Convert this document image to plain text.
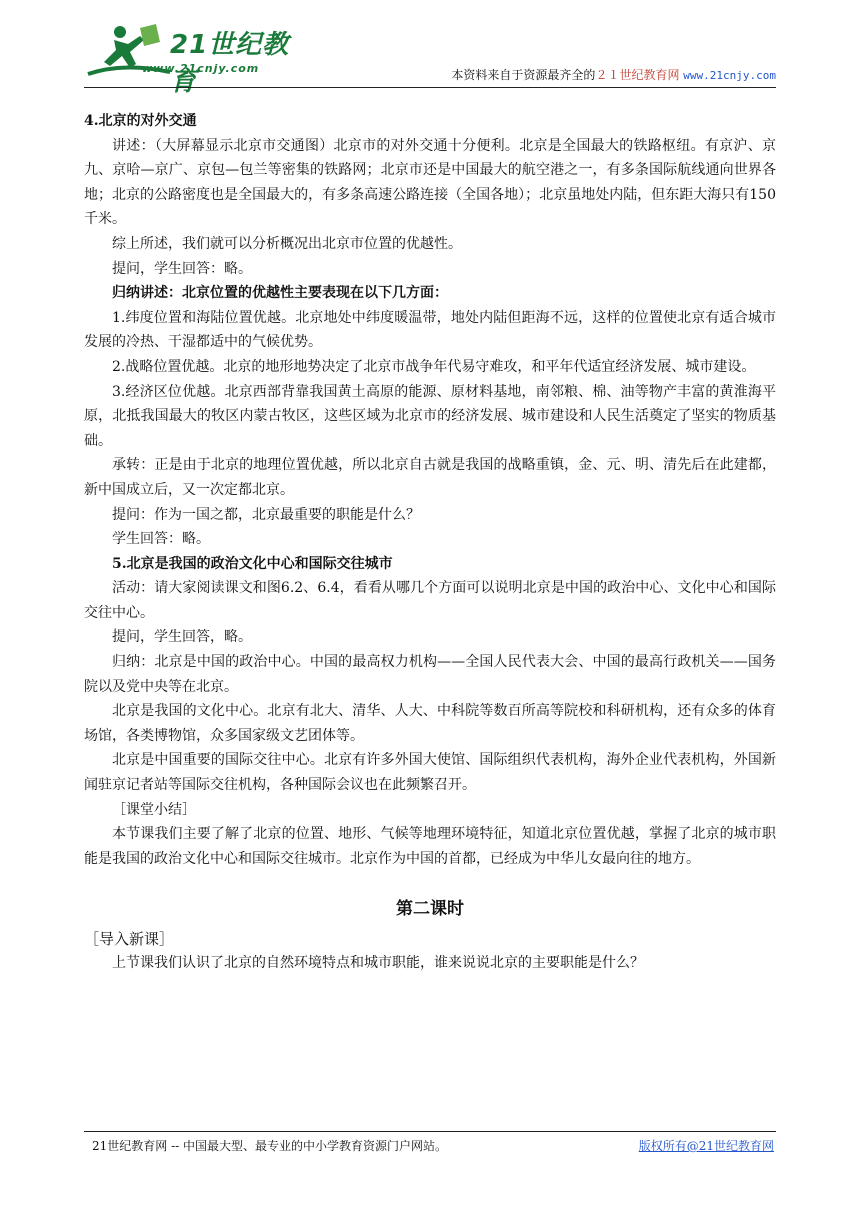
21世纪教育
www.21cnjy.com	本资料来自于资源最齐全的２１世纪教育网 www.21cnjy.com

4.北京的对外交通

讲述：（大屏幕显示北京市交通图）北京市的对外交通十分便利。北京是全国最大的铁路枢纽。有京沪、京九、京哈—京广、京包—包兰等密集的铁路网；北京市还是中国最大的航空港之一，有多条国际航线通向世界各地；北京的公路密度也是全国最大的，有多条高速公路连接（全国各地）；北京虽地处内陆，但东距大海只有150千米。

综上所述，我们就可以分析概况出北京市位置的优越性。

提问，学生回答：略。

归纳讲述：北京位置的优越性主要表现在以下几方面：

1.纬度位置和海陆位置优越。北京地处中纬度暖温带，地处内陆但距海不远，这样的位置使北京有适合城市发展的冷热、干湿都适中的气候优势。

2.战略位置优越。北京的地形地势决定了北京市战争年代易守难攻，和平年代适宜经济发展、城市建设。

3.经济区位优越。北京西部背靠我国黄土高原的能源、原材料基地，南邻粮、棉、油等物产丰富的黄淮海平原，北抵我国最大的牧区内蒙古牧区，这些区域为北京市的经济发展、城市建设和人民生活奠定了坚实的物质基础。

承转：正是由于北京的地理位置优越，所以北京自古就是我国的战略重镇，金、元、明、清先后在此建都，新中国成立后，又一次定都北京。

提问：作为一国之都，北京最重要的职能是什么？

学生回答：略。

5.北京是我国的政治文化中心和国际交往城市

活动：请大家阅读课文和图6.2、6.4，看看从哪几个方面可以说明北京是中国的政治中心、文化中心和国际交往中心。

提问，学生回答，略。

归纳：北京是中国的政治中心。中国的最高权力机构——全国人民代表大会、中国的最高行政机关——国务院以及党中央等在北京。

北京是我国的文化中心。北京有北大、清华、人大、中科院等数百所高等院校和科研机构，还有众多的体育场馆，各类博物馆，众多国家级文艺团体等。

北京是中国重要的国际交往中心。北京有许多外国大使馆、国际组织代表机构，海外企业代表机构，外国新闻驻京记者站等国际交往机构，各种国际会议也在此频繁召开。

［课堂小结］

本节课我们主要了解了北京的位置、地形、气候等地理环境特征，知道北京位置优越，掌握了北京的城市职能是我国的政治文化中心和国际交往城市。北京作为中国的首都，已经成为中华儿女最向往的地方。

第二课时
［导入新课］

上节课我们认识了北京的自然环境特点和城市职能，谁来说说北京的主要职能是什么？

21世纪教育网 -- 中国最大型、最专业的中小学教育资源门户网站。	版权所有@21世纪教育网
